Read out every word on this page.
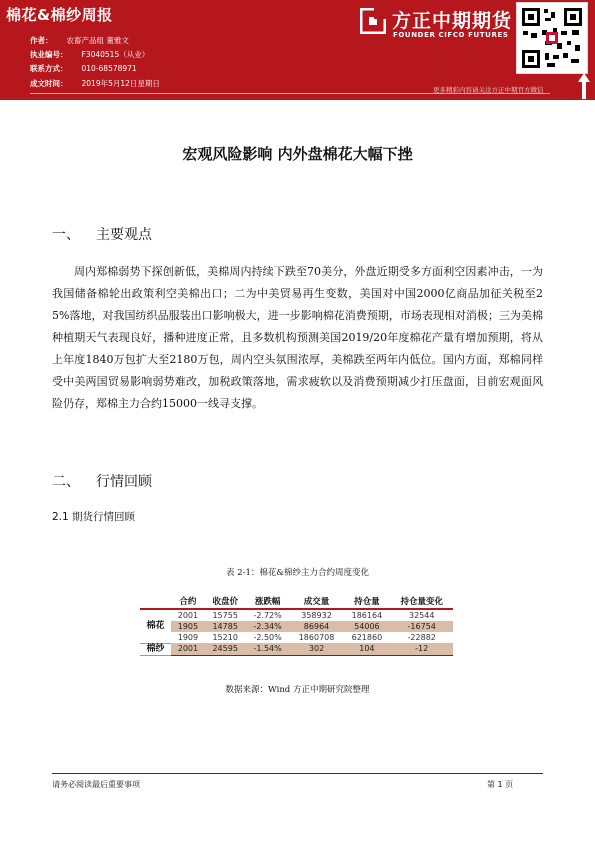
棉花&棉纱周报
作者： 农畜产品组 董雅文
执业编号： F3040515（从业）
联系方式： 010-68578971
成文时间： 2019年5月12日星期日
方正中期期货
FOUNDER CIFCO FUTURES
更多精彩内容请关注方正中期官方微信
宏观风险影响 内外盘棉花大幅下挫
一、 主要观点
周内郑棉弱势下探创新低，美棉周内持续下跌至70美分，外盘近期受多方面利空因素冲击，一为我国储备棉轮出政策利空美棉出口；二为中美贸易再生变数，美国对中国2000亿商品加征关税至25%落地，对我国纺织品服装出口影响极大，进一步影响棉花消费预期，市场表现相对消极；三为美棉种植期天气表现良好，播种进度正常，且多数机构预测美国2019/20年度棉花产量有增加预期，将从上年度1840万包扩大至2180万包，周内空头氛围浓厚，美棉跌至两年内低位。国内方面，郑棉同样受中美两国贸易影响弱势难改，加税政策落地，需求疲软以及消费预期减少打压盘面，目前宏观面风险仍存，郑棉主力合约15000一线寻支撑。
二、 行情回顾
2.1 期货行情回顾
表 2-1：棉花&棉纱主力合约周度变化
	合约	收盘价	涨跌幅	成交量	持仓量	持仓量变化
棉花	2001	15755	-2.72%	358932	186164	32544
	1905	14785	-2.34%	86964	54006	-16754
	1909	15210	-2.50%	1860708	621860	-22882
棉纱	2001	24595	-1.54%	302	104	-12
数据来源：Wind 方正中期研究院整理
请务必阅读最后重要事项	第 1 页
